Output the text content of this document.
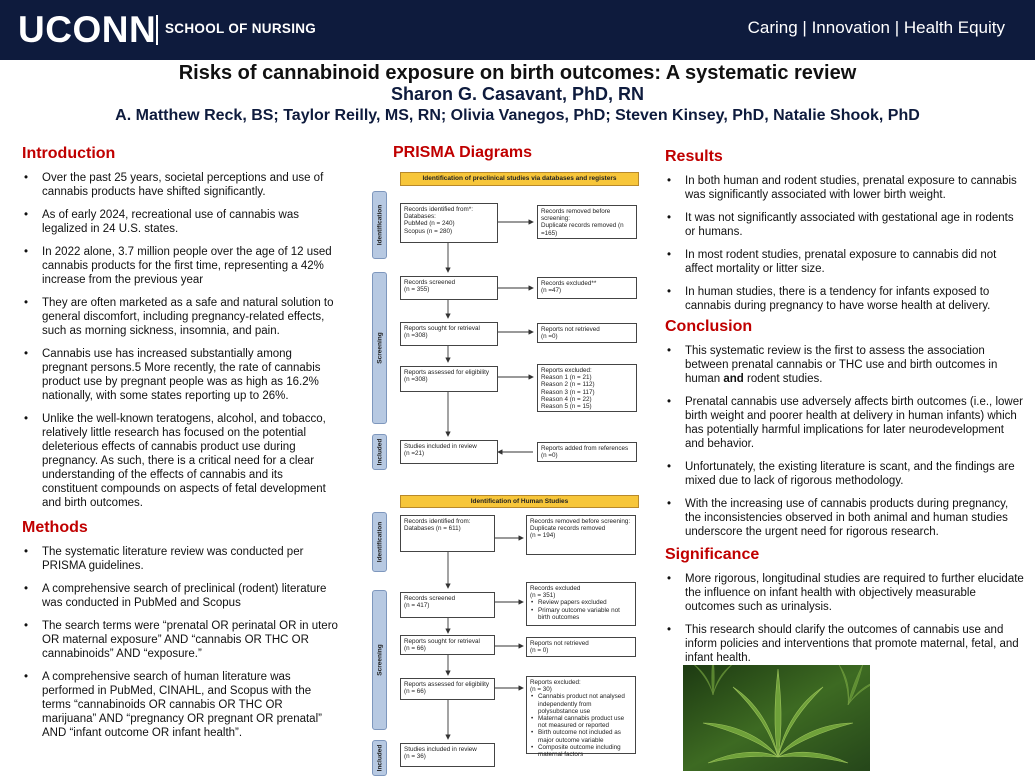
UCONN SCHOOL OF NURSING	Caring | Innovation | Health Equity
Risks of cannabinoid exposure on birth outcomes: A systematic review
Sharon G. Casavant, PhD, RN
A. Matthew Reck, BS; Taylor Reilly, MS, RN; Olivia Vanegos, PhD; Steven Kinsey, PhD, Natalie Shook, PhD
Introduction
• Over the past 25 years, societal perceptions and use of cannabis products have shifted significantly.
• As of early 2024, recreational use of cannabis was legalized in 24 U.S. states.
• In 2022 alone, 3.7 million people over the age of 12 used cannabis products for the first time, representing a 42% increase from the previous year
• They are often marketed as a safe and natural solution to general discomfort, including pregnancy-related effects, such as morning sickness, insomnia, and pain.
• Cannabis use has increased substantially among pregnant persons.5 More recently, the rate of cannabis product use by pregnant people was as high as 16.2% nationally, with some states reporting up to 26%.
• Unlike the well-known teratogens, alcohol, and tobacco, relatively little research has focused on the potential deleterious effects of cannabis product use during pregnancy. As such, there is a critical need for a clear understanding of the effects of cannabis and its constituent compounds on aspects of fetal development and birth outcomes.
Methods
• The systematic literature review was conducted per PRISMA guidelines.
• A comprehensive search of preclinical (rodent) literature was conducted in PubMed and Scopus
• The search terms were “prenatal OR perinatal OR in utero OR maternal exposure” AND “cannabis OR THC OR cannabinoids” AND “exposure.”
• A comprehensive search of human literature was performed in PubMed, CINAHL, and Scopus with the terms “cannabinoids OR cannabis OR THC OR marijuana” AND “pregnancy OR pregnant OR prenatal” AND “infant outcome OR infant health”.
PRISMA Diagrams
Identification of preclinical studies via databases and registers
Identification
Screening
Included
Records identified from*:
Databases:
PubMed (n = 240)
Scopus (n = 280)
Records removed before screening:
Duplicate records removed (n =165)
Records screened
(n = 355)
Records excluded**
(n =47)
Reports sought for retrieval
(n =308)
Reports not retrieved
(n =0)
Reports assessed for eligibility
(n =308)
Reports excluded:
Reason 1 (n = 21)
Reason 2 (n = 112)
Reason 3 (n = 117)
Reason 4 (n = 22)
Reason 5 (n = 15)
Studies included in review
(n =21)
Reports added from references
(n =0)
Identification of Human Studies
Identification
Screening
Included
Records identified from:
Databases (n = 611)
Records removed before screening:
Duplicate records removed
(n = 194)
Records screened
(n = 417)
Records excluded
(n = 351)
• Review papers excluded
• Primary outcome variable not birth outcomes
Reports sought for retrieval
(n = 66)
Reports not retrieved
(n = 0)
Reports assessed for eligibility
(n = 66)
Reports excluded:
(n = 30)
• Cannabis product not analysed independently from polysubstance use
• Maternal cannabis product use not measured or reported
• Birth outcome not included as major outcome variable
• Composite outcome including maternal factors
Studies included in review
(n = 36)
Results
• In both human and rodent studies, prenatal exposure to cannabis was significantly associated with lower birth weight.
• It was not significantly associated with gestational age in rodents or humans.
• In most rodent studies, prenatal exposure to cannabis did not affect mortality or litter size.
• In human studies, there is a tendency for infants exposed to cannabis during pregnancy to have worse health at delivery.
Conclusion
• This systematic review is the first to assess the association between prenatal cannabis or THC use and birth outcomes in human and rodent studies.
• Prenatal cannabis use adversely affects birth outcomes (i.e., lower birth weight and poorer health at delivery in human infants) which has potentially harmful implications for later neurodevelopment and behavior.
• Unfortunately, the existing literature is scant, and the findings are mixed due to lack of rigorous methodology.
• With the increasing use of cannabis products during pregnancy, the inconsistencies observed in both animal and human studies underscore the urgent need for rigorous research.
Significance
• More rigorous, longitudinal studies are required to further elucidate the influence on infant health with objectively measurable outcomes such as urinalysis.
• This research should clarify the outcomes of cannabis use and inform policies and interventions that promote maternal, fetal, and infant health.
